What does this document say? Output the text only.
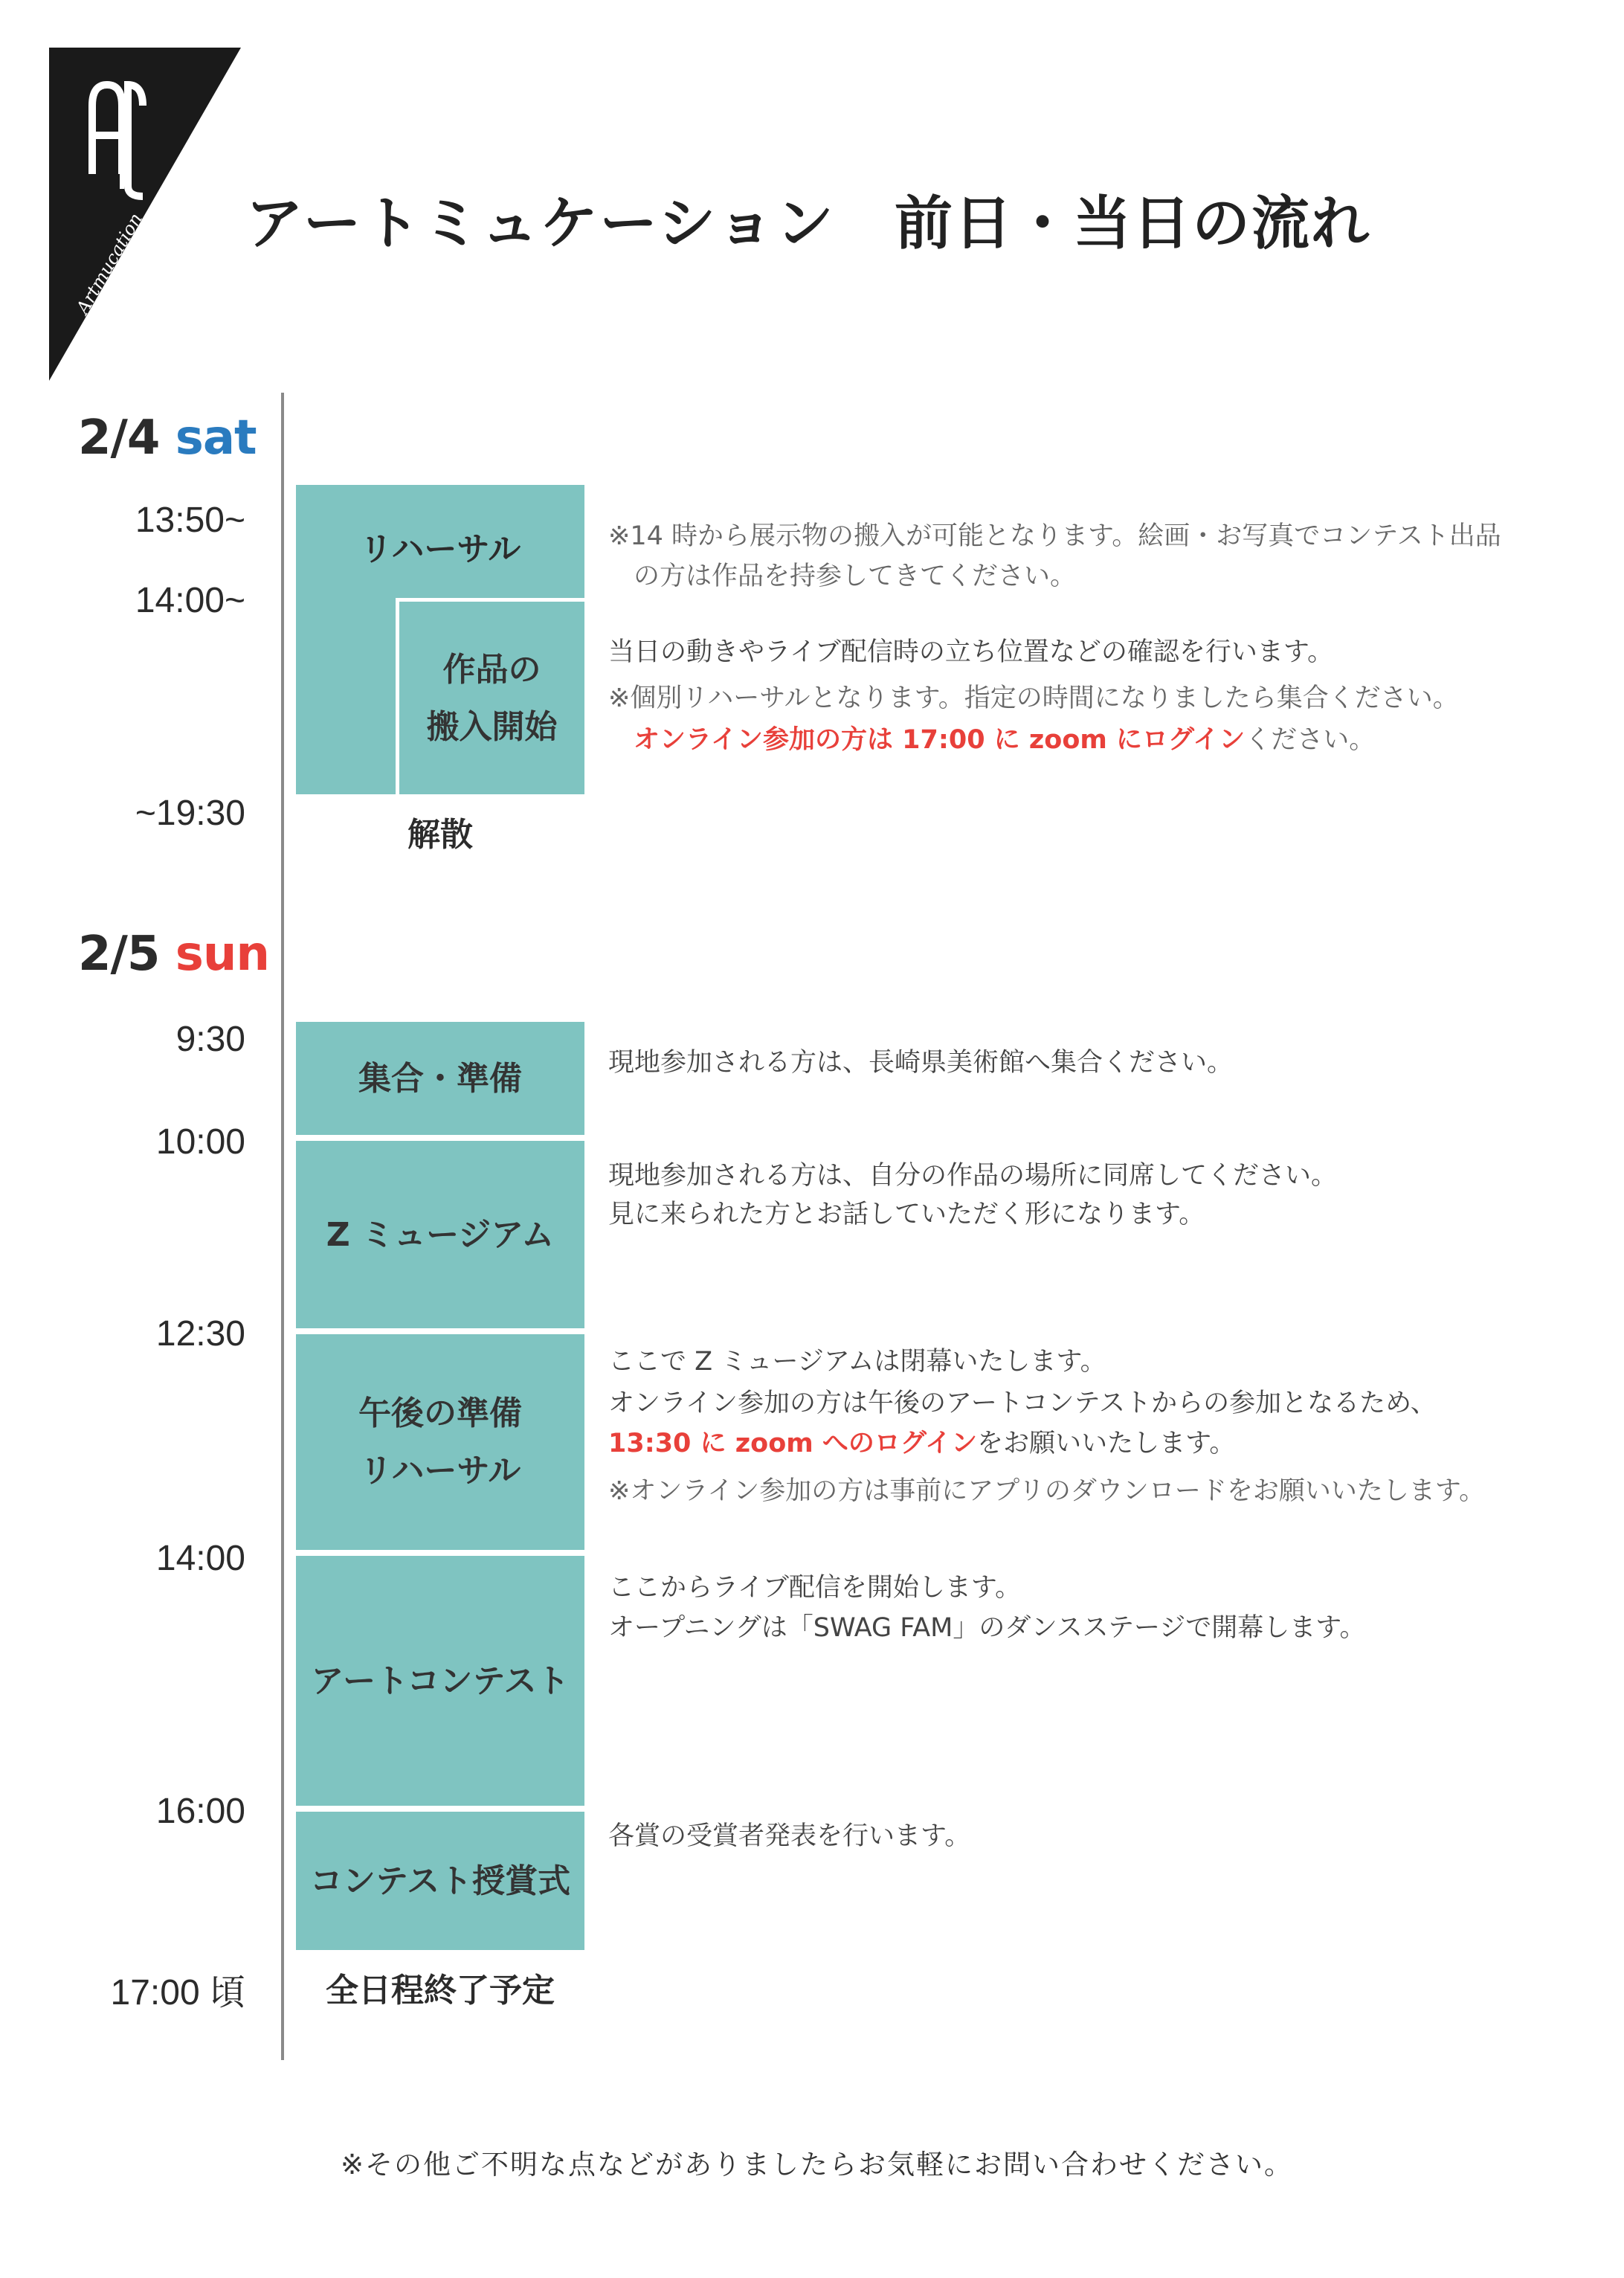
Artmucation アートミュケーション　前日・当日の流れ
2/4 sat
13:50~
14:00~
~19:30
リハーサル
作品の
搬入開始
解散
※14 時から展示物の搬入が可能となります。絵画・お写真でコンテスト出品
の方は作品を持参してきてください。
当日の動きやライブ配信時の立ち位置などの確認を行います。
※個別リハーサルとなります。指定の時間になりましたら集合ください。
オンライン参加の方は 17:00 に zoom にログインください。
2/5 sun
9:30
10:00
12:30
14:00
16:00
17:00 頃
集合・準備	現地参加される方は、長崎県美術館へ集合ください。
Z ミュージアム
現地参加される方は、自分の作品の場所に同席してください。
見に来られた方とお話していただく形になります。
午後の準備
リハーサル
ここで Z ミュージアムは閉幕いたします。
オンライン参加の方は午後のアートコンテストからの参加となるため、
13:30 に zoom へのログインをお願いいたします。
※オンライン参加の方は事前にアプリのダウンロードをお願いいたします。
アートコンテスト
ここからライブ配信を開始します。
オープニングは「SWAG FAM」のダンスステージで開幕します。
コンテスト授賞式
各賞の受賞者発表を行います。
全日程終了予定
※その他ご不明な点などがありましたらお気軽にお問い合わせください。
